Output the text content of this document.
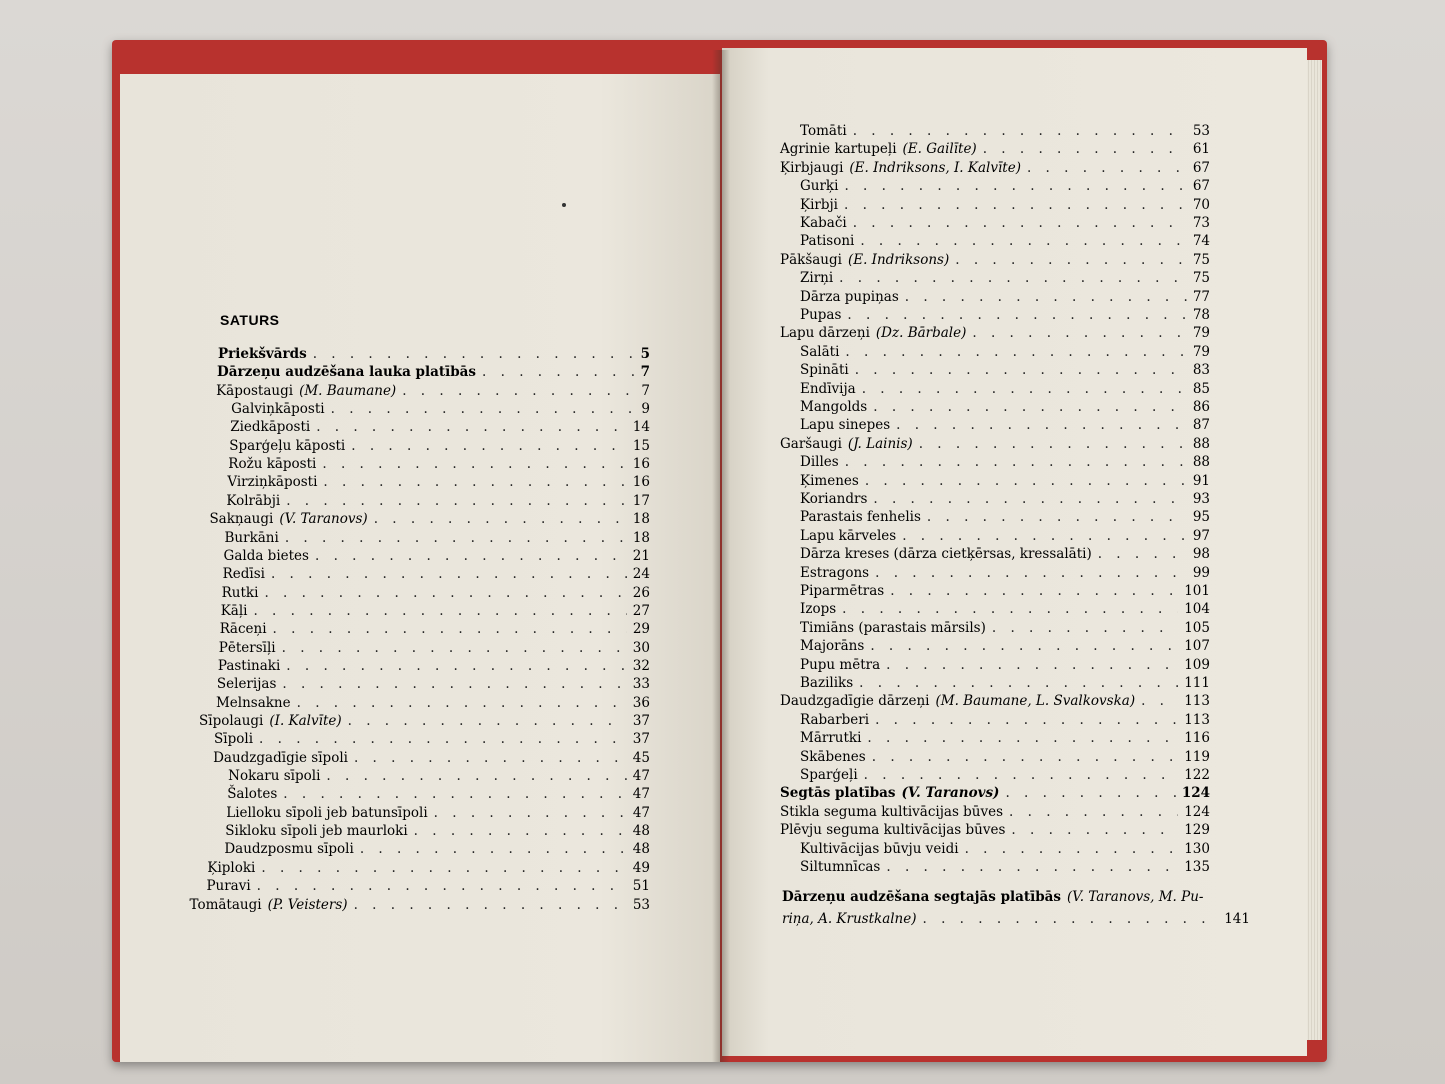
SATURS
Priekšvārds . . .	5
Dārzeņu audzēšana lauka platībās . . .	7
Kāpostaugi (M. Baumane) . . .	7
Galviņkāposti . . .	9
Ziedkāposti . . .	14
Sparģeļu kāposti . . .	15
Rožu kāposti . . .	16
Virziņkāposti . . .	16
Kolrābji . . .	17
Sakņaugi (V. Taranovs) . . .	18
Burkāni . . .	18
Galda bietes . . .	21
Redīsi . . .	24
Rutki . . .	26
Kāļi . . .	27
Rāceņi . . .	29
Pētersīļi . . .	30
Pastinaki . . .	32
Selerijas . . .	33
Melnsakne . . .	36
Sīpolaugi (I. Kalvīte) . . .	37
Sīpoli . . .	37
Daudzgadīgie sīpoli . . .	45
Nokaru sīpoli . . .	47
Šalotes . . .	47
Lielloku sīpoli jeb batunsīpoli . . .	47
Sikloku sīpoli jeb maurloki . . .	48
Daudzposmu sīpoli . . .	48
Ķiploki . . .	49
Puravi . . .	51
Tomātaugi (P. Veisters) . . .	53
Tomāti . . .	53
Agrinie kartupeļi (E. Gailīte) . . .	61
Ķirbjaugi (E. Indriksons, I. Kalvīte) . . .	67
Gurķi . . .	67
Ķirbji . . .	70
Kabači . . .	73
Patisoni . . .	74
Pākšaugi (E. Indriksons) . . .	75
Zirņi . . .	75
Dārza pupiņas . . .	77
Pupas . . .	78
Lapu dārzeņi (Dz. Bārbale) . . .	79
Salāti . . .	79
Spināti . . .	83
Endīvija . . .	85
Mangolds . . .	86
Lapu sinepes . . .	87
Garšaugi (J. Lainis) . . .	88
Dilles . . .	88
Ķimenes . . .	91
Koriandrs . . .	93
Parastais fenhelis . . .	95
Lapu kārveles . . .	97
Dārza kreses (dārza cietķērsas, kressalāti) . . .	98
Estragons . . .	99
Piparmētras . . .	101
Izops . . .	104
Timiāns (parastais mārsils) . . .	105
Majorāns . . .	107
Pupu mētra . . .	109
Baziliks . . .	111
Daudzgadīgie dārzeņi (M. Baumane, L. Svalkovska) . . .	113
Rabarberi . . .	113
Mārrutki . . .	116
Skābenes . . .	119
Sparģeļi . . .	122
Segtās platības (V. Taranovs) . . .	124
Stikla seguma kultivācijas būves . . .	124
Plēvju seguma kultivācijas būves . . .	129
Kultivācijas būvju veidi . . .	130
Siltumnīcas . . .	135
Dārzeņu audzēšana segtajās platībās (V. Taranovs, M. Pu-
riņa, A. Krustkalne) . . .	141
